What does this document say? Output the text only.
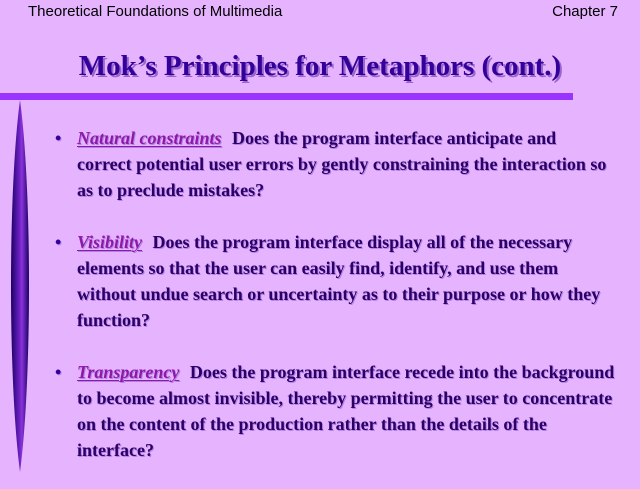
Theoretical Foundations of Multimedia	Chapter 7
Mok’s Principles for Metaphors (cont.)
• Natural constraints Does the program interface anticipate and correct potential user errors by gently constraining the interaction so as to preclude mistakes?
• Visibility Does the program interface display all of the necessary elements so that the user can easily find, identify, and use them without undue search or uncertainty as to their purpose or how they function?
• Transparency Does the program interface recede into the background to become almost invisible, thereby permitting the user to concentrate on the content of the production rather than the details of the interface?
